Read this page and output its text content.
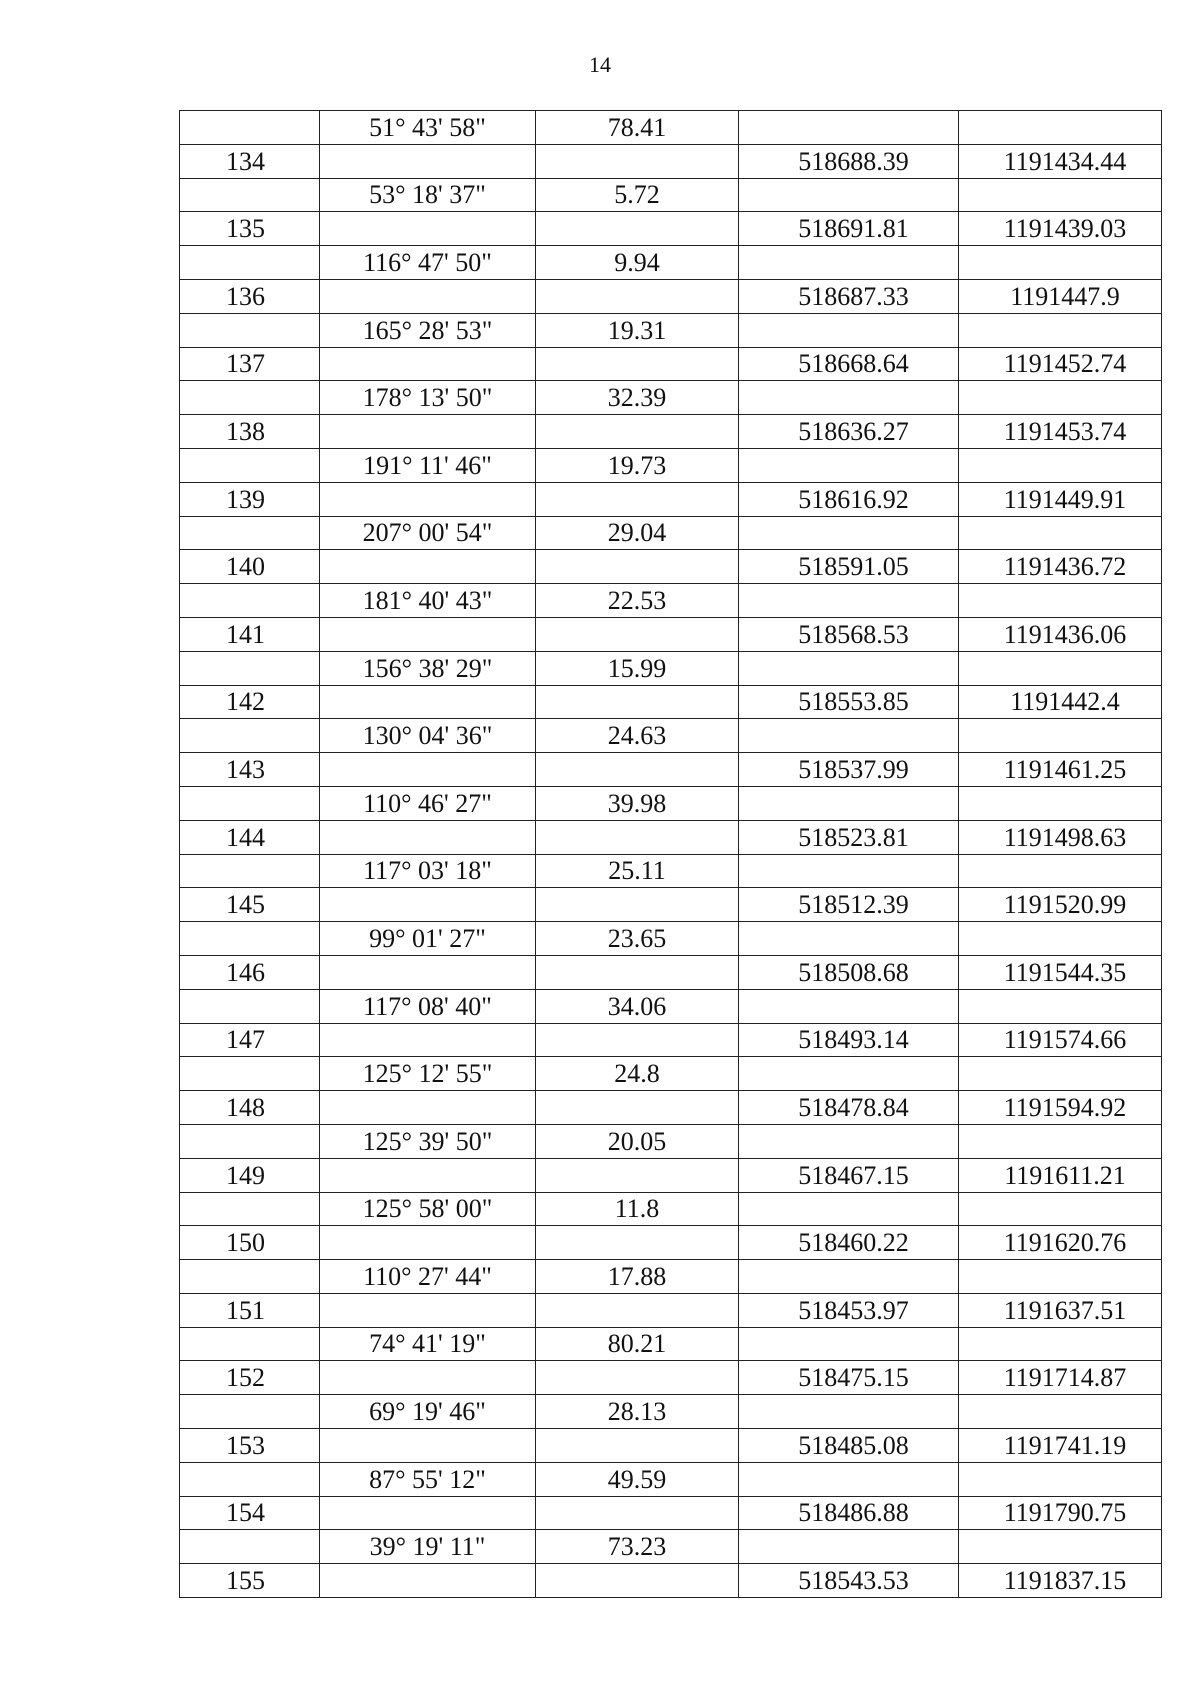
14
	51° 43' 58"	78.41		
134			518688.39	1191434.44
	53° 18' 37"	5.72		
135			518691.81	1191439.03
	116° 47' 50"	9.94		
136			518687.33	1191447.9
	165° 28' 53"	19.31		
137			518668.64	1191452.74
	178° 13' 50"	32.39		
138			518636.27	1191453.74
	191° 11' 46"	19.73		
139			518616.92	1191449.91
	207° 00' 54"	29.04		
140			518591.05	1191436.72
	181° 40' 43"	22.53		
141			518568.53	1191436.06
	156° 38' 29"	15.99		
142			518553.85	1191442.4
	130° 04' 36"	24.63		
143			518537.99	1191461.25
	110° 46' 27"	39.98		
144			518523.81	1191498.63
	117° 03' 18"	25.11		
145			518512.39	1191520.99
	99° 01' 27"	23.65		
146			518508.68	1191544.35
	117° 08' 40"	34.06		
147			518493.14	1191574.66
	125° 12' 55"	24.8		
148			518478.84	1191594.92
	125° 39' 50"	20.05		
149			518467.15	1191611.21
	125° 58' 00"	11.8		
150			518460.22	1191620.76
	110° 27' 44"	17.88		
151			518453.97	1191637.51
	74° 41' 19"	80.21		
152			518475.15	1191714.87
	69° 19' 46"	28.13		
153			518485.08	1191741.19
	87° 55' 12"	49.59		
154			518486.88	1191790.75
	39° 19' 11"	73.23		
155			518543.53	1191837.15
